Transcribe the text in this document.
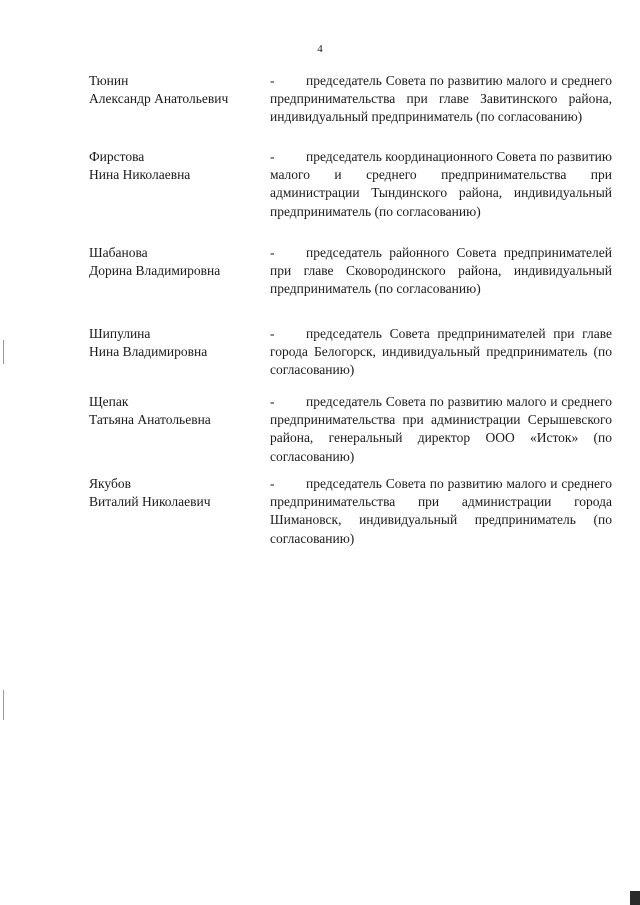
4
Тюнин
Александр Анатольевич
- председатель Совета по развитию малого и среднего предпринимательства при главе Завитинского района, индивидуальный предприниматель (по согласованию)
Фирстова
Нина Николаевна
- председатель координационного Совета по развитию малого и среднего предпринимательства при администрации Тындинского района, индивидуальный предприниматель (по согласованию)
Шабанова
Дорина Владимировна
- председатель районного Совета предпринимателей при главе Сковородинского района, индивидуальный предприниматель (по согласованию)
Шипулина
Нина Владимировна
- председатель Совета предпринимателей при главе города Белогорск, индивидуальный предприниматель (по согласованию)
Щепак
Татьяна Анатольевна
- председатель Совета по развитию малого и среднего предпринимательства при администрации Серышевского района, генеральный директор ООО «Исток» (по согласованию)
Якубов
Виталий Николаевич
- председатель Совета по развитию малого и среднего предпринимательства при администрации города Шимановск, индивидуальный предприниматель (по согласованию)
